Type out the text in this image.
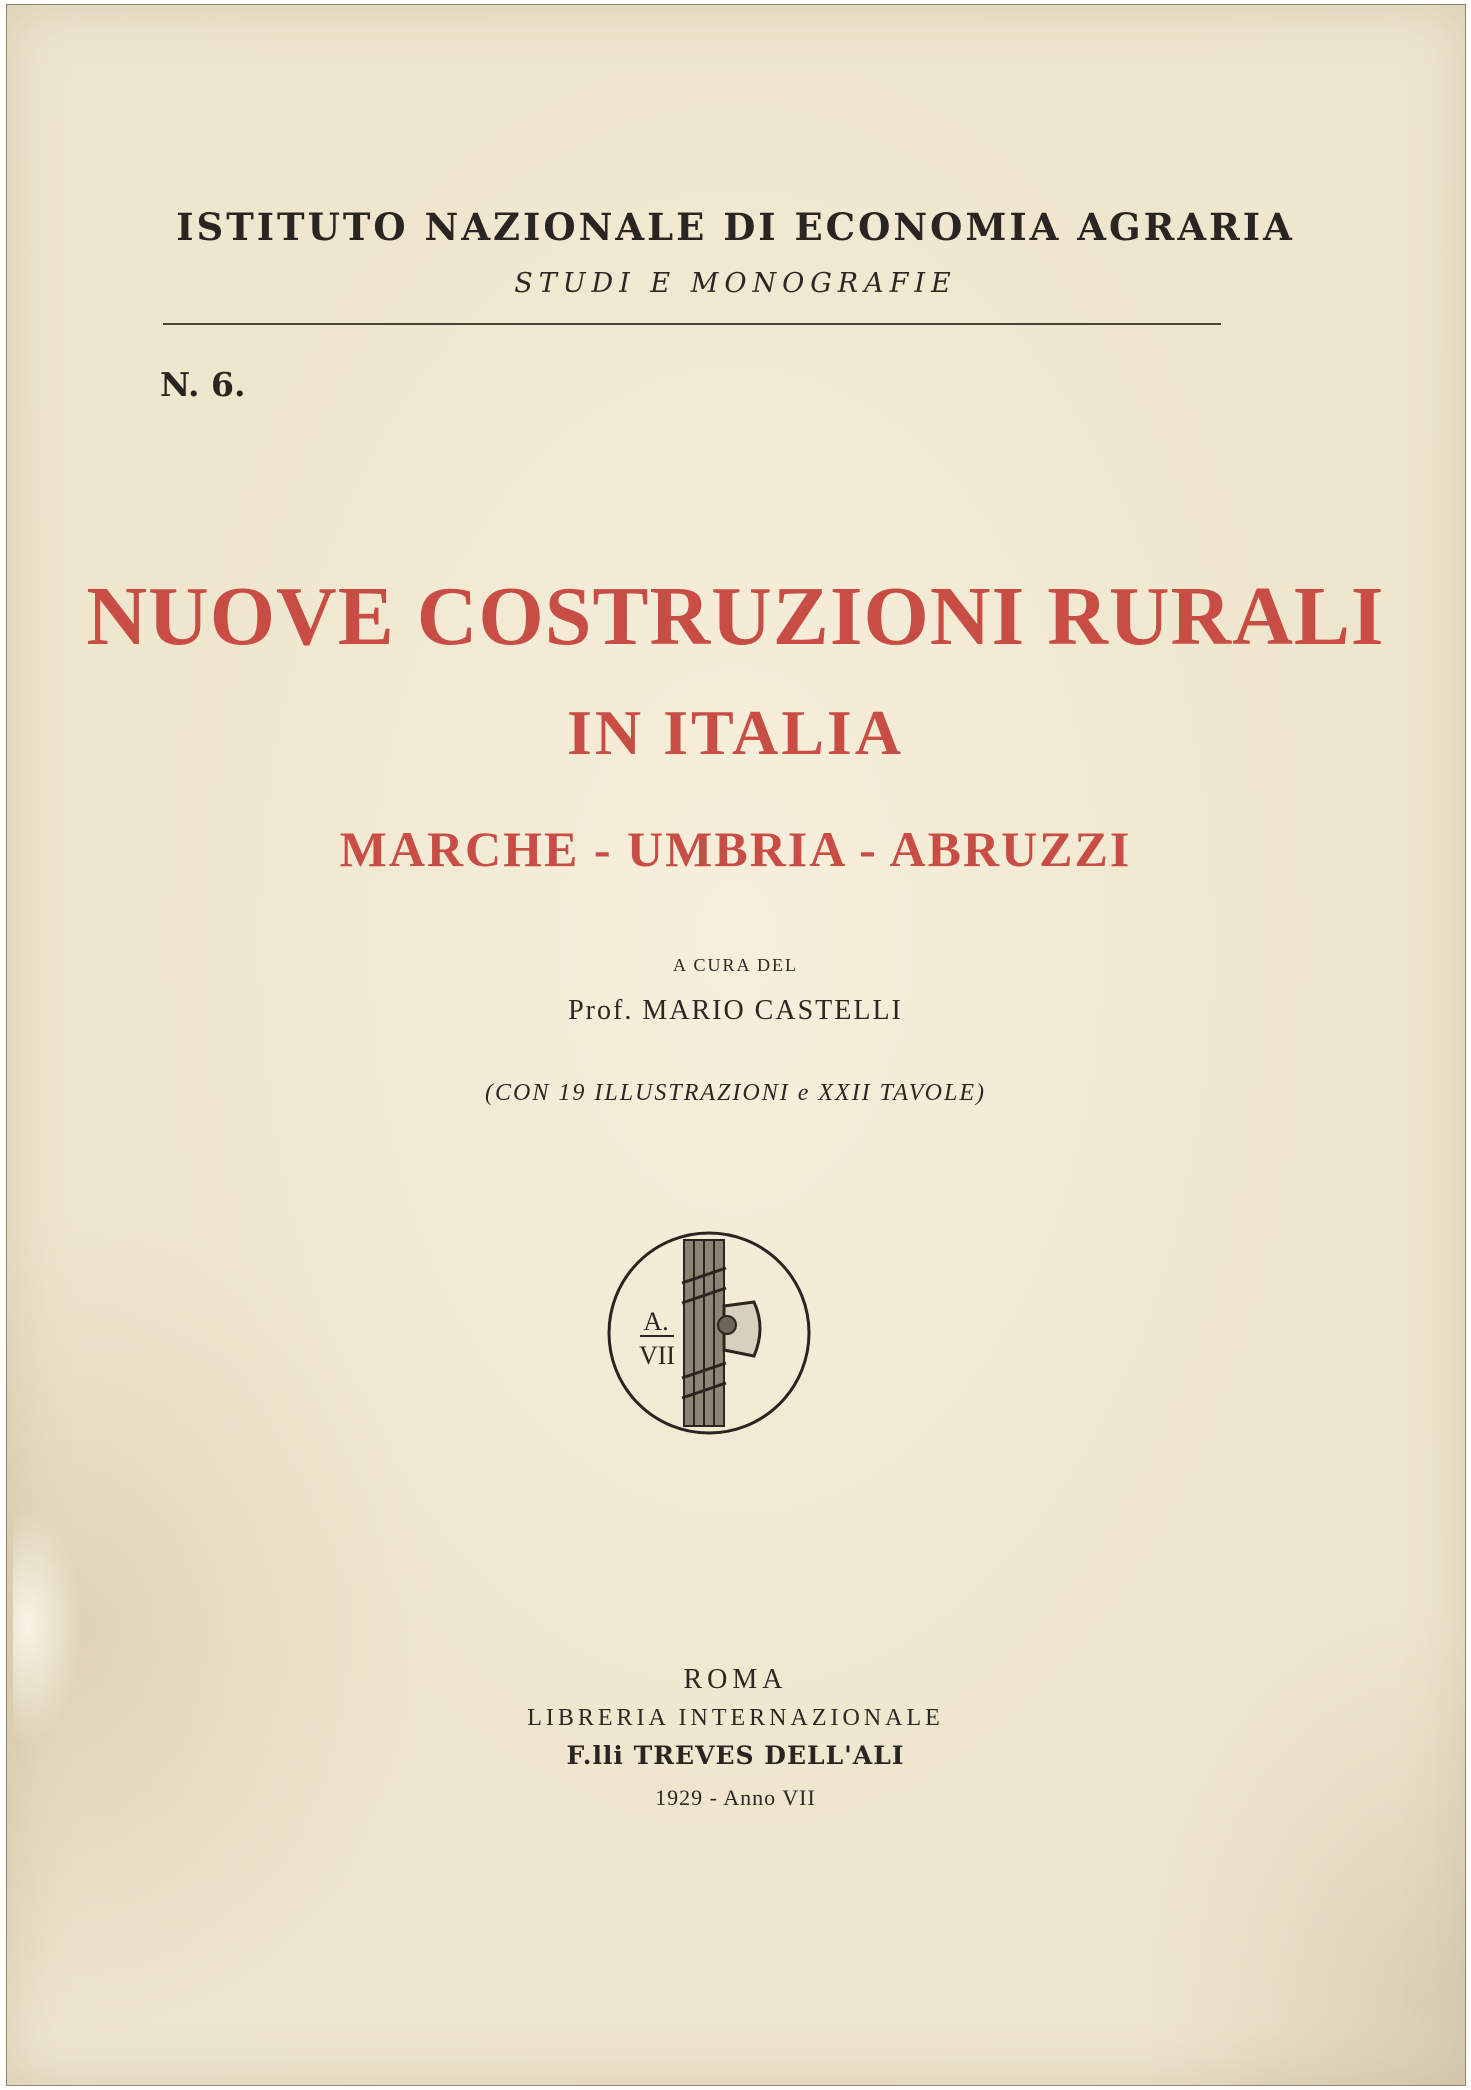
ISTITUTO NAZIONALE DI ECONOMIA AGRARIA
STUDI E MONOGRAFIE
N. 6.
NUOVE COSTRUZIONI RURALI
IN ITALIA
MARCHE - UMBRIA - ABRUZZI
A CURA DEL
Prof. MARIO CASTELLI
(CON 19 ILLUSTRAZIONI e XXII TAVOLE)
A.
VII
ROMA
LIBRERIA INTERNAZIONALE
F.lli TREVES DELL'ALI
1929 - Anno VII
